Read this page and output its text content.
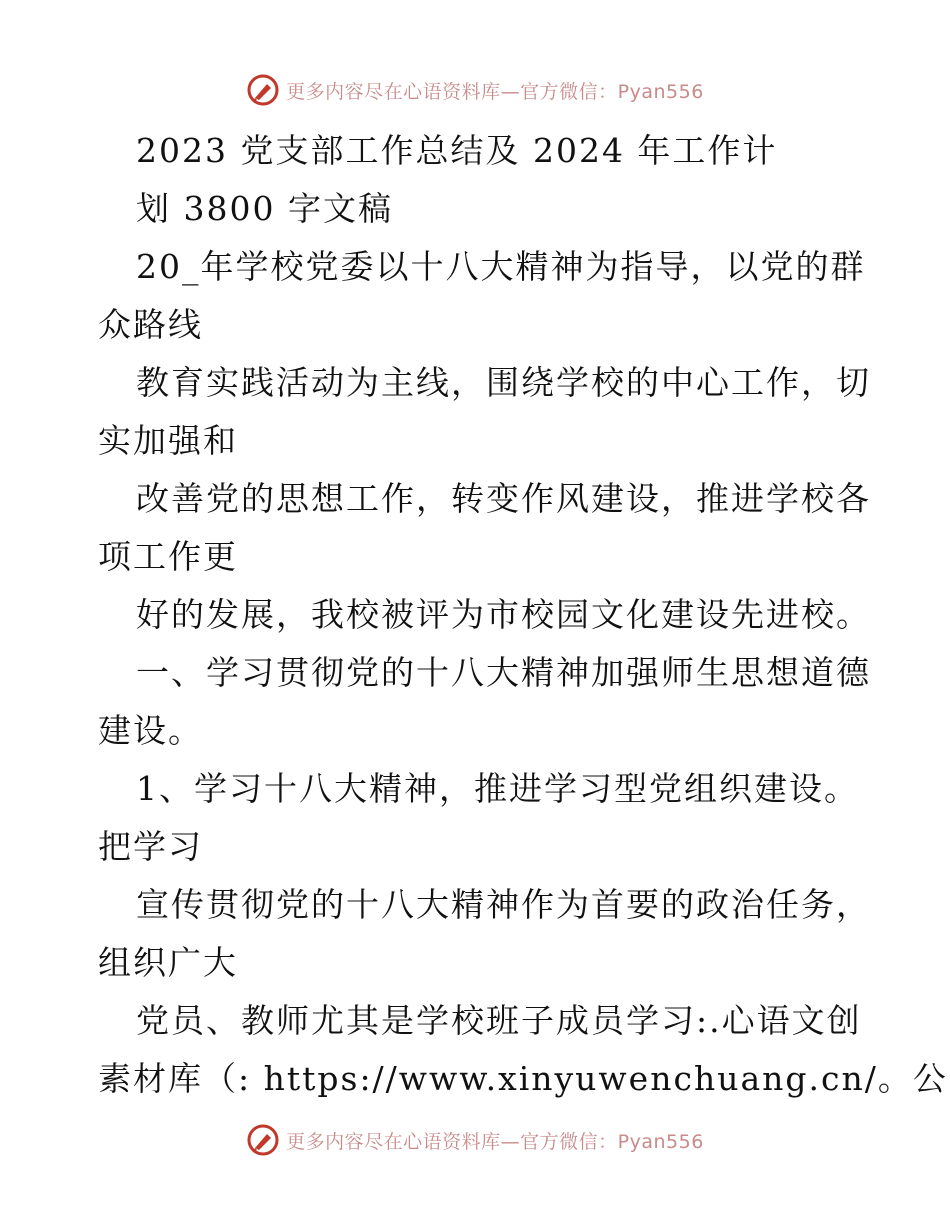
更多内容尽在心语资料库—官方微信：Pyan556
2023 党支部工作总结及 2024 年工作计
划 3800 字文稿
20_年学校党委以十八大精神为指导，以党的群
众路线
教育实践活动为主线，围绕学校的中心工作，切
实加强和
改善党的思想工作，转变作风建设，推进学校各
项工作更
好的发展，我校被评为市校园文化建设先进校。
一、学习贯彻党的十八大精神加强师生思想道德
建设。
1、学习十八大精神，推进学习型党组织建设。
把学习
宣传贯彻党的十八大精神作为首要的政治任务，
组织广大
党员、教师尤其是学校班子成员学习:.心语文创
素材库（: https://www.xinyuwenchuang.cn/。公
更多内容尽在心语资料库—官方微信：Pyan556
